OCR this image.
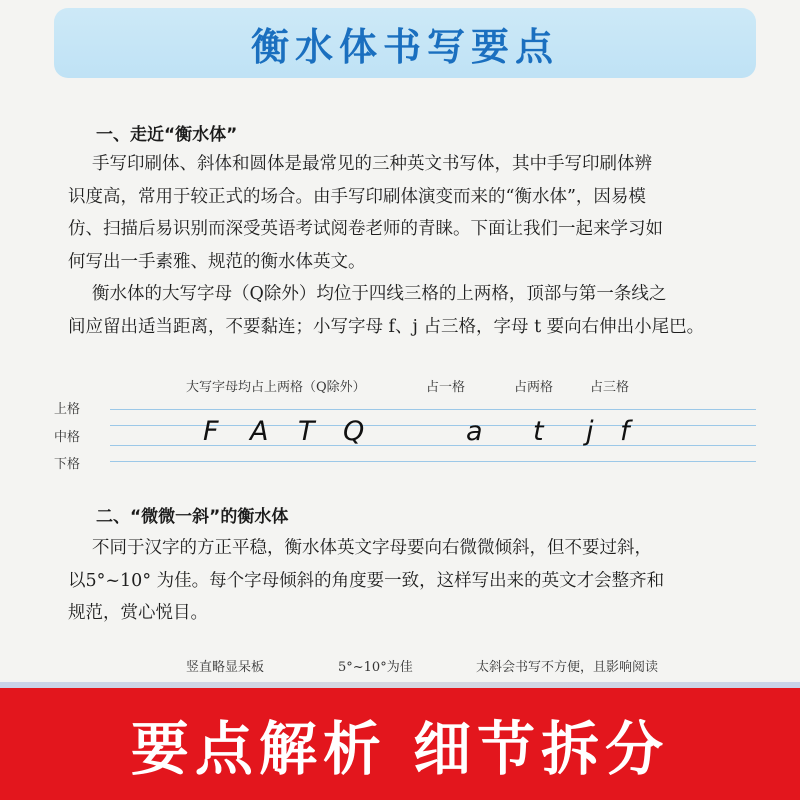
衡水体书写要点
一、走近“衡水体”
手写印刷体、斜体和圆体是最常见的三种英文书写体，其中手写印刷体辨
识度高，常用于较正式的场合。由手写印刷体演变而来的“衡水体”，因易模
仿、扫描后易识别而深受英语考试阅卷老师的青睐。下面让我们一起来学习如
何写出一手素雅、规范的衡水体英文。
衡水体的大写字母（Q除外）均位于四线三格的上两格，顶部与第一条线之
间应留出适当距离，不要黏连；小写字母 f、j 占三格，字母 t 要向右伸出小尾巴。
大写字母均占上两格（Q除外）	占一格	占两格	占三格
上格
中格
下格
F A T Q	a t j f
二、“微微一斜”的衡水体
不同于汉字的方正平稳，衡水体英文字母要向右微微倾斜，但不要过斜，
以5°~10° 为佳。每个字母倾斜的角度要一致，这样写出来的英文才会整齐和
规范，赏心悦目。
竖直略显呆板	5°~10°为佳	太斜会书写不方便，且影响阅读
要点解析 细节拆分
